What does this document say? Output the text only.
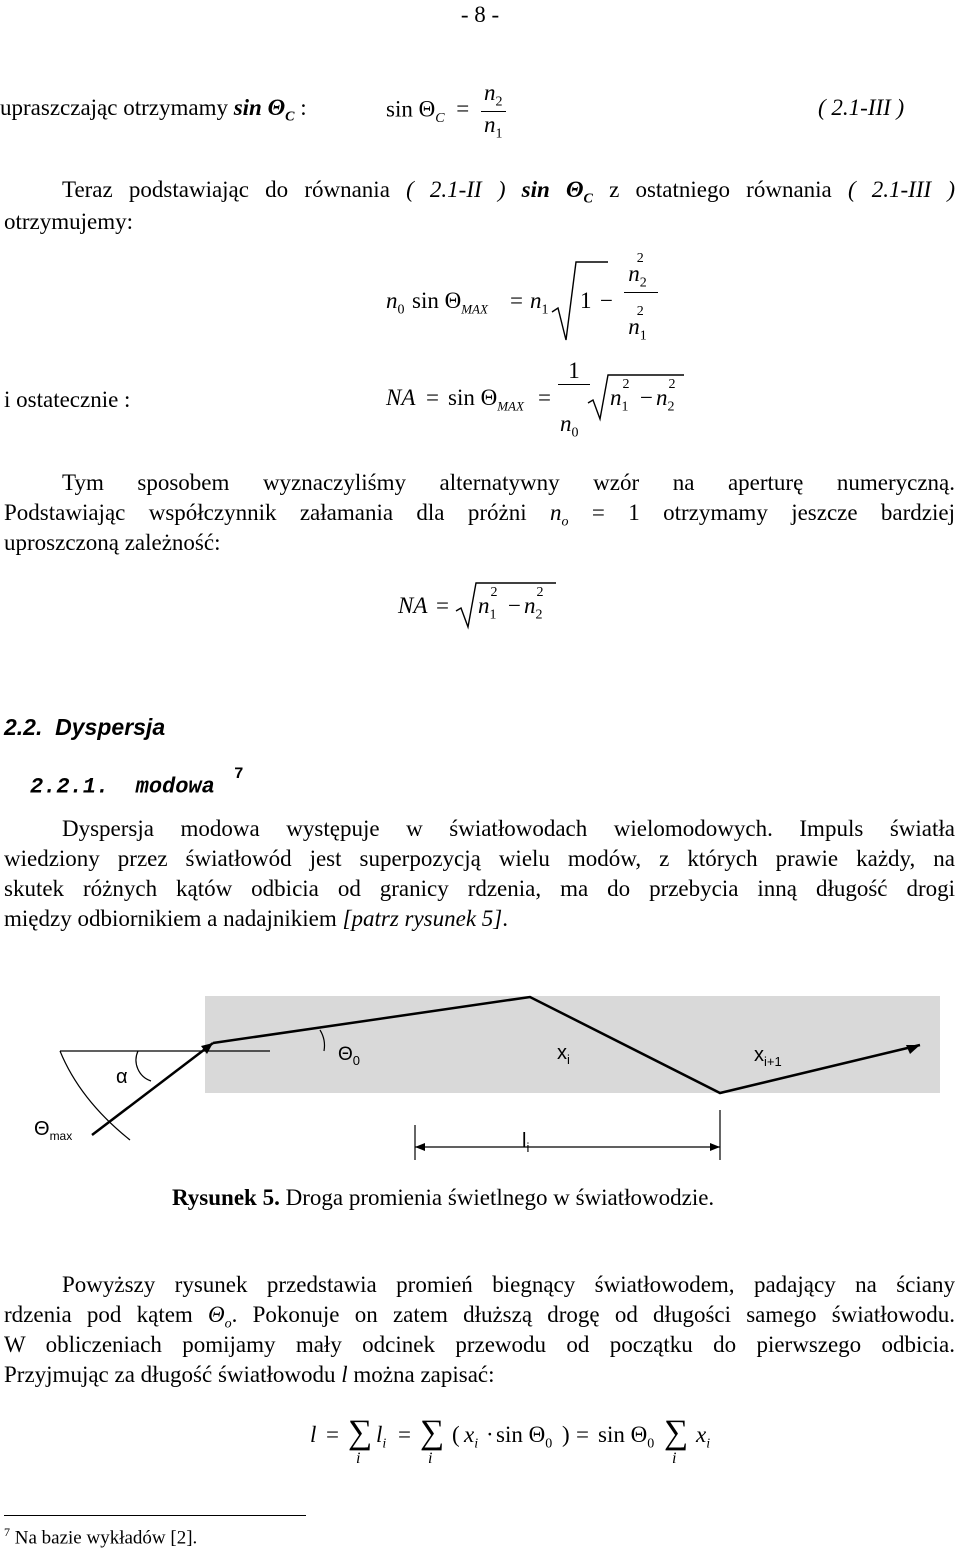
- 8 -
upraszczając otrzymamy $\sin \Theta_C$ :	$\sin \Theta_C = \frac{n_2}{n_1}$	( 2.1-III )
Teraz podstawiając do równania ( 2.1-II ) $\sin \Theta_C$ z ostatniego równania ( 2.1-III )
otrzymujemy:
$n_0$ $\sin \Theta_{MAX} = n_1$ 1 −
$n_2^2$
$n_1^2$
i ostatecznie :	NA = $\sin \Theta_{MAX}$ =
1
$n_0$
$n_1^2$
− $n_2^2$
Tym sposobem wyznaczyliśmy alternatywny wzór na aperturę numeryczną.
Podstawiając współczynnik załamania dla próżni $n_o = 1$ otrzymamy jeszcze bardziej
uproszczoną zależność:
NA = $n_1^2$
− $n_2^2$
2.2. Dyspersja
2.2.1. modowa $^7$
Dyspersja modowa występuje w światłowodach wielomodowych. Impuls światła
wiedziony przez światłowód jest superpozycją wielu modów, z których prawie każdy, na
skutek różnych kątów odbicia od granicy rdzenia, ma do przebycia inną długość drogi
między odbiornikiem a nadajnikiem [patrz rysunek 5].
α
$\Theta_0$	$x_i$	$x_{i+1}$
$\Theta_{max}$	$l_i$
Rysunek 5. Droga promienia świetlnego w światłowodzie.
Powyższy rysunek przedstawia promień biegnący światłowodem, padający na ściany
rdzenia pod kątem $\Theta_o$. Pokonuje on zatem dłuższą drogę od długości samego światłowodu.
W obliczeniach pomijamy mały odcinek przewodu od początku do pierwszego odbicia.
Przyjmując za długość światłowodu l można zapisać:
l = ∑
i
$l_i$ = ∑
i
( $x_i \cdot \sin \Theta_0$ ) = $\sin \Theta_0$ ∑
i
$x_i$
$^7$ Na bazie wykładów [2].
